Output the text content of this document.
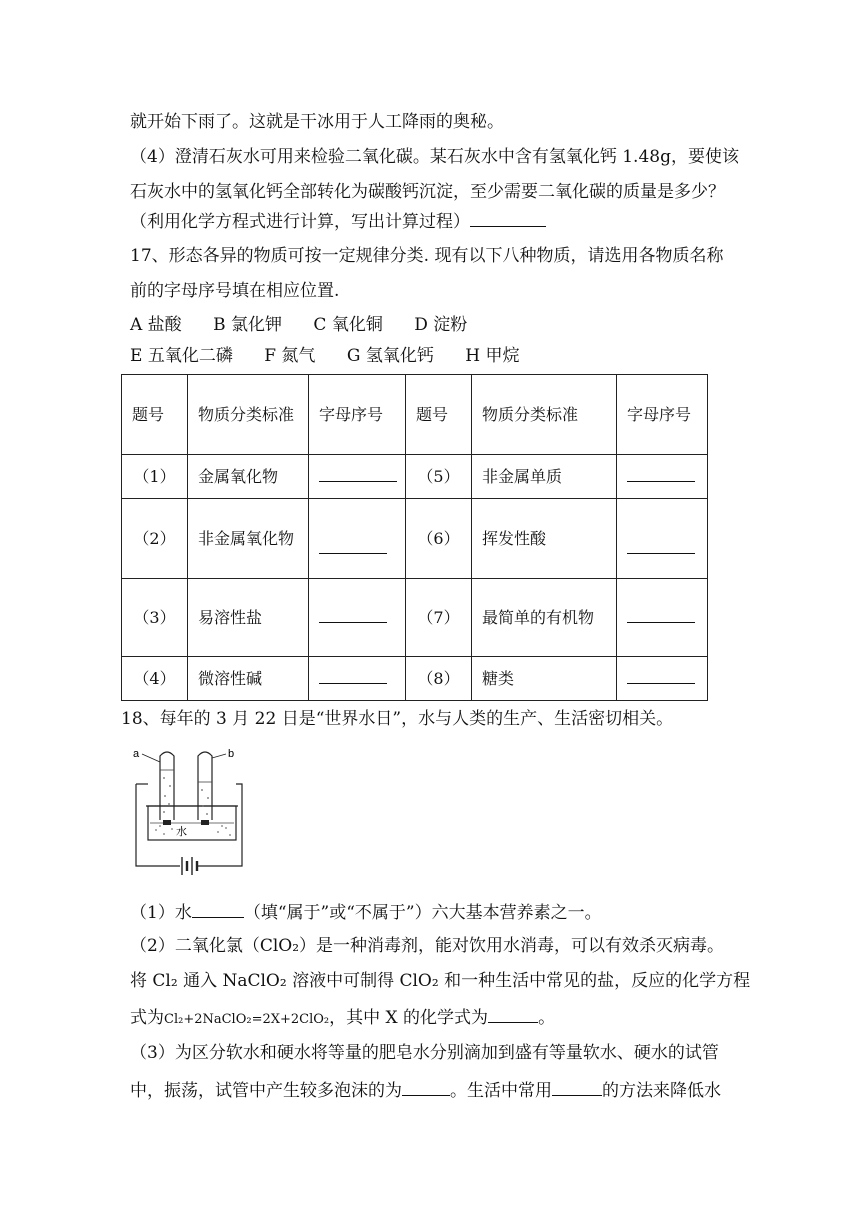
就开始下雨了。这就是干冰用于人工降雨的奥秘。
（4）澄清石灰水可用来检验二氧化碳。某石灰水中含有氢氧化钙 1.48g，要使该
石灰水中的氢氧化钙全部转化为碳酸钙沉淀，至少需要二氧化碳的质量是多少？
（利用化学方程式进行计算，写出计算过程）
17、形态各异的物质可按一定规律分类. 现有以下八种物质，请选用各物质名称
前的字母序号填在相应位置.
A 盐酸 B 氯化钾 C 氧化铜 D 淀粉
E 五氧化二磷 F 氮气 G 氢氧化钙 H 甲烷
题号	物质分类标准	字母序号	题号	物质分类标准	字母序号
（1）	金属氧化物		（5）	非金属单质	
（2）	非金属氧化物		（6）	挥发性酸	
（3）	易溶性盐		（7）	最简单的有机物	
（4）	微溶性碱		（8）	糖类	
18、每年的 3 月 22 日是“世界水日”，水与人类的生产、生活密切相关。
a	b
水
（1）水	（填“属于”或“不属于”）六大基本营养素之一。
（2）二氧化氯（ClO₂）是一种消毒剂，能对饮用水消毒，可以有效杀灭病毒。
将 Cl₂ 通入 NaClO₂ 溶液中可制得 ClO₂ 和一种生活中常见的盐，反应的化学方程
式为Cl₂+2NaClO₂=2X+2ClO₂，其中 X 的化学式为	。
（3）为区分软水和硬水将等量的肥皂水分别滴加到盛有等量软水、硬水的试管
中，振荡，试管中产生较多泡沫的为	。生活中常用	的方法来降低水
